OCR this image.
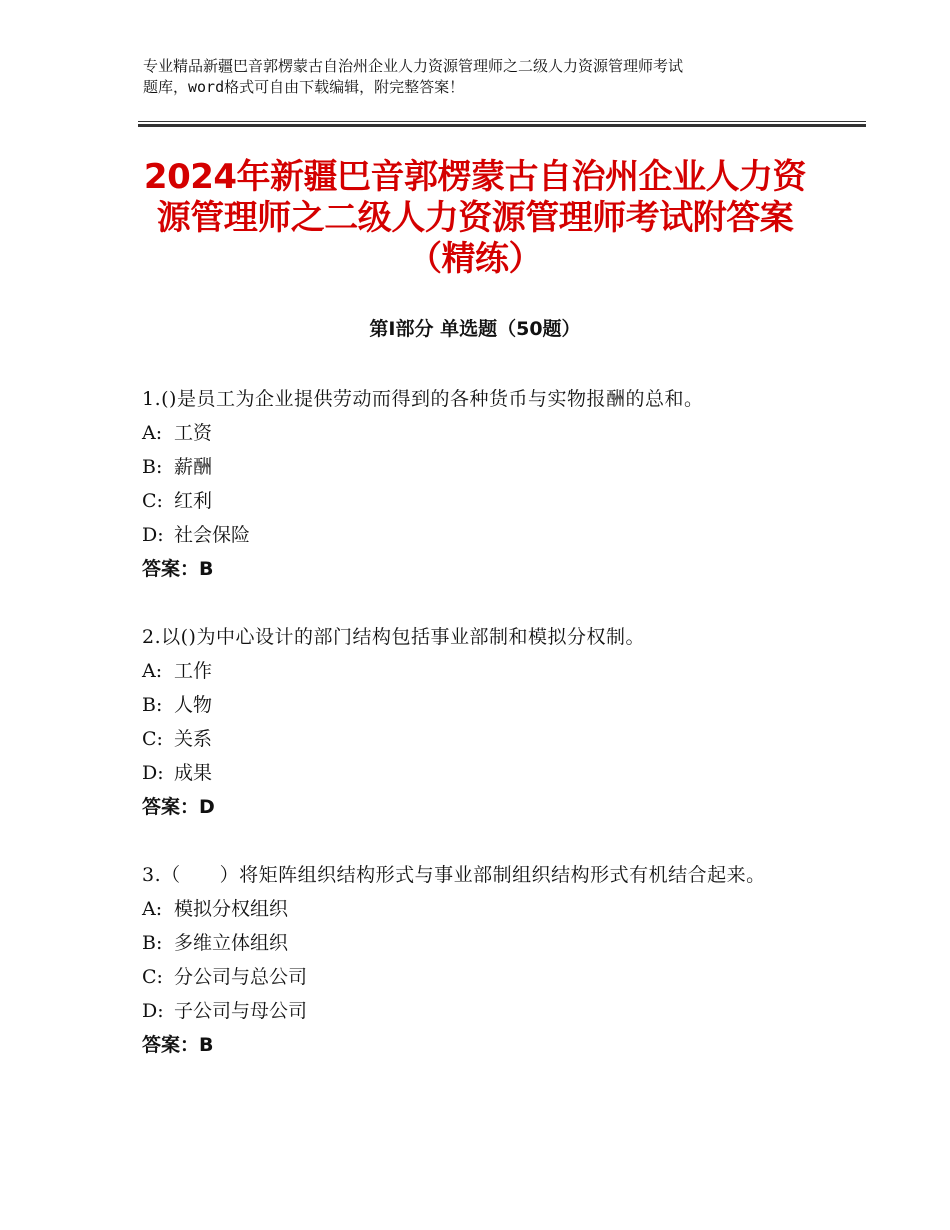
专业精品新疆巴音郭楞蒙古自治州企业人力资源管理师之二级人力资源管理师考试

题库，word格式可自由下载编辑，附完整答案！

2024年新疆巴音郭楞蒙古自治州企业人力资
源管理师之二级人力资源管理师考试附答案
（精练）
第Ⅰ部分 单选题（50题）

1.()是员工为企业提供劳动而得到的各种货币与实物报酬的总和。

A: 工资

B: 薪酬

C: 红利

D: 社会保险

答案：B

2.以()为中心设计的部门结构包括事业部制和模拟分权制。

A: 工作

B: 人物

C: 关系

D: 成果

答案：D

3.（　　）将矩阵组织结构形式与事业部制组织结构形式有机结合起来。

A: 模拟分权组织

B: 多维立体组织

C: 分公司与总公司

D: 子公司与母公司

答案：B
